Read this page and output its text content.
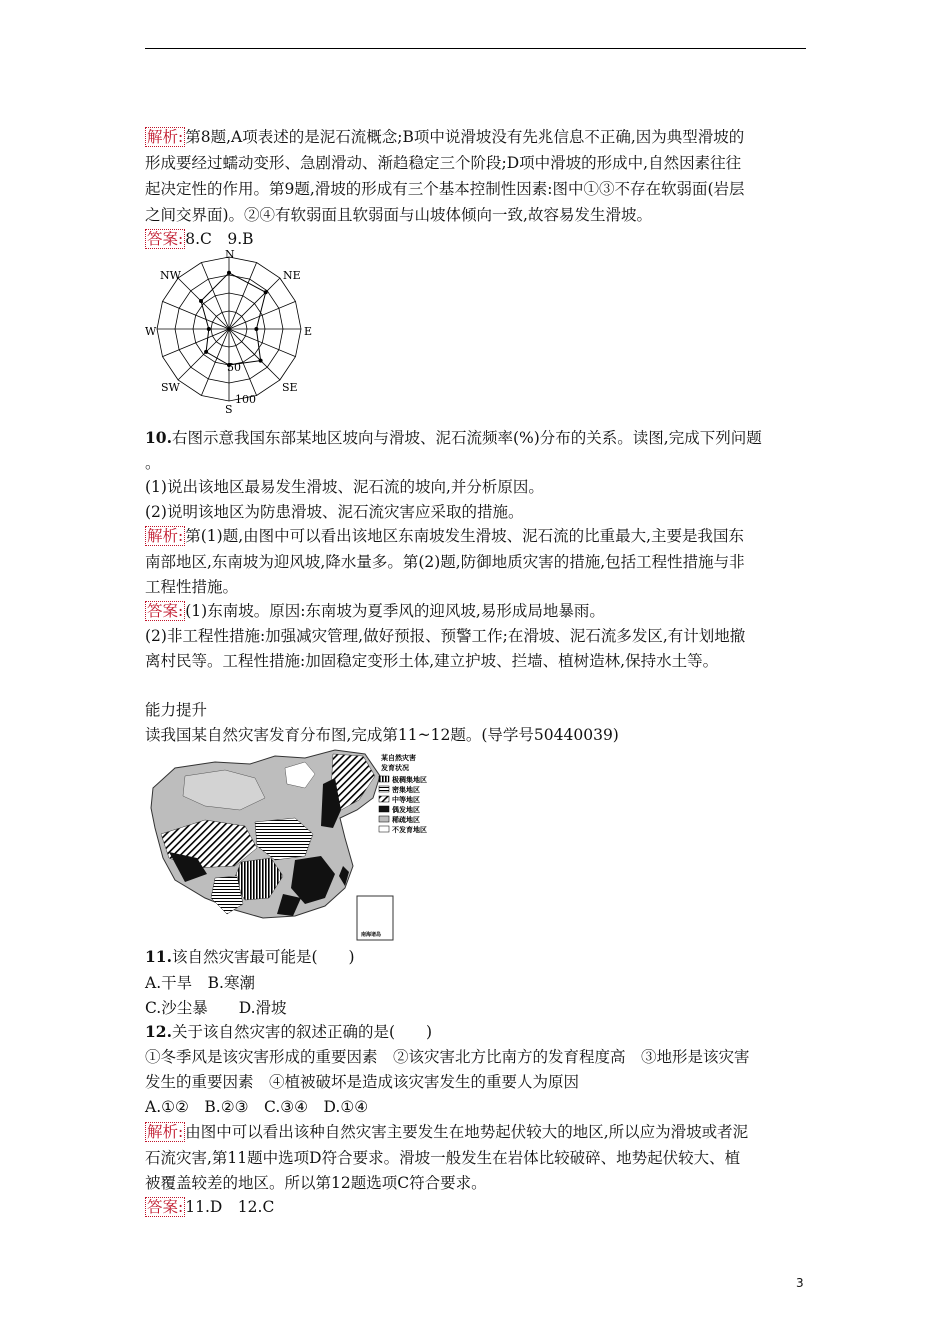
解析: 第8题,A项表述的是泥石流概念;B项中说滑坡没有先兆信息不正确,因为典型滑坡的
形成要经过蠕动变形、急剧滑动、渐趋稳定三个阶段;D项中滑坡的形成中,自然因素往往
起决定性的作用。第9题,滑坡的形成有三个基本控制性因素:图中①③不存在软弱面(岩层
之间交界面)。②④有软弱面且软弱面与山坡体倾向一致,故容易发生滑坡。
答案: 8.C　9.B
N
NE
E
SE
S
SW
W
NW
50
100
10.右图示意我国东部某地区坡向与滑坡、泥石流频率(%)分布的关系。读图,完成下列问题
。
(1)说出该地区最易发生滑坡、泥石流的坡向,并分析原因。
(2)说明该地区为防患滑坡、泥石流灾害应采取的措施。
解析: 第(1)题,由图中可以看出该地区东南坡发生滑坡、泥石流的比重最大,主要是我国东
南部地区,东南坡为迎风坡,降水量多。第(2)题,防御地质灾害的措施,包括工程性措施与非
工程性措施。
答案: (1)东南坡。原因:东南坡为夏季风的迎风坡,易形成局地暴雨。
(2)非工程性措施:加强减灾管理,做好预报、预警工作;在滑坡、泥石流多发区,有计划地撤
离村民等。工程性措施:加固稳定变形土体,建立护坡、拦墙、植树造林,保持水土等。
能力提升
读我国某自然灾害发育分布图,完成第11~12题。(导学号50440039)
南海诸岛
某自然灾害
发育状况
极稠集地区
密集地区
中等地区
偶发地区
稀疏地区
不发育地区
11.该自然灾害最可能是(　　)
A.干旱　B.寒潮
C.沙尘暴　　D.滑坡
12.关于该自然灾害的叙述正确的是(　　)
①冬季风是该灾害形成的重要因素　②该灾害北方比南方的发育程度高　③地形是该灾害
发生的重要因素　④植被破坏是造成该灾害发生的重要人为原因
A.①②　B.②③　C.③④　D.①④
解析: 由图中可以看出该种自然灾害主要发生在地势起伏较大的地区,所以应为滑坡或者泥
石流灾害,第11题中选项D符合要求。滑坡一般发生在岩体比较破碎、地势起伏较大、植
被覆盖较差的地区。所以第12题选项C符合要求。
答案: 11.D　12.C
3
